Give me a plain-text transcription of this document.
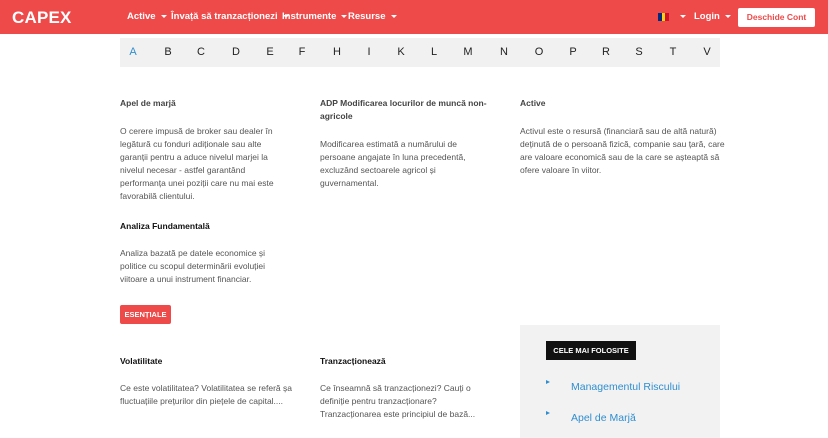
CAPEX	Active	Învață să tranzacționezi Instrumente	Resurse	Login	Deschide Cont
A	B	C D	E	F	H	I	K	L	M N O	P	R	S	T	V
Apel de marjă
O cerere impusă de broker sau dealer în legătură cu fonduri adiționale sau alte garanții pentru a aduce nivelul marjei la nivelul necesar - astfel garantând performanța unei poziții care nu mai este favorabilă clientului.
ADP Modificarea locurilor de muncă non-agricole
Modificarea estimată a numărului de persoane angajate în luna precedentă, excluzând sectoarele agricol și guvernamental.
Active
Activul este o resursă (financiară sau de altă natură) deținută de o persoană fizică, companie sau țară, care are valoare economică sau de la care se așteaptă să ofere valoare în viitor.
Analiza Fundamentală
Analiza bazată pe datele economice și politice cu scopul determinării evoluției viitoare a unui instrument financiar.
ESENȚIALE
Volatilitate
Ce este volatilitatea? Volatilitatea se referă șa fluctuațiile prețurilor din piețele de capital....
Tranzacționează
Ce înseamnă să tranzacționezi? Cauți o definiție pentru tranzacționare? Tranzacționarea este principiul de bază...
CELE MAI FOLOSITE
Managementul Riscului
Apel de Marjă
